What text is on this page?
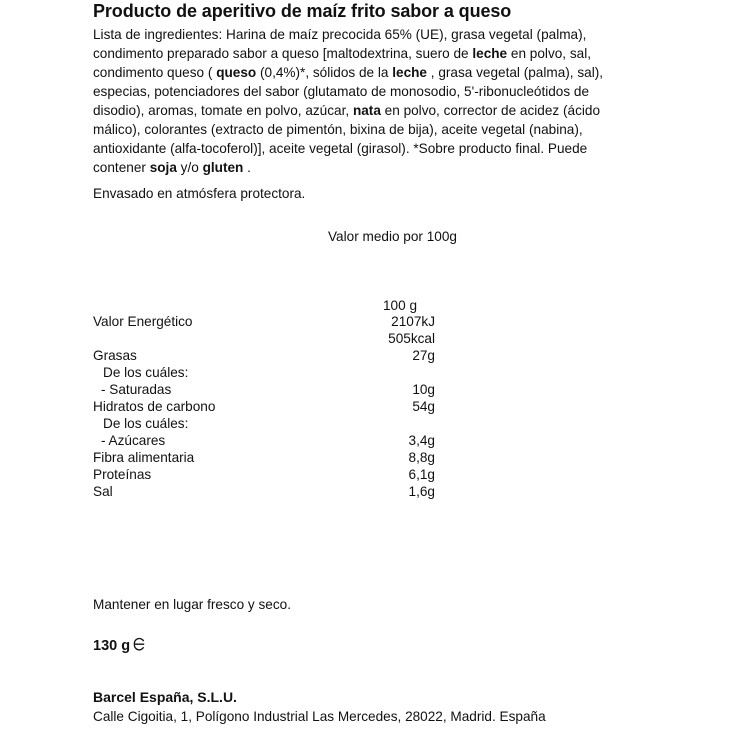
Producto de aperitivo de maíz frito sabor a queso
Lista de ingredientes: Harina de maíz precocida 65% (UE), grasa vegetal (palma), condimento preparado sabor a queso [maltodextrina, suero de leche en polvo, sal, condimento queso ( queso (0,4%)*, sólidos de la leche , grasa vegetal (palma), sal), especias, potenciadores del sabor (glutamato de monosodio, 5'-ribonucleótidos de disodio), aromas, tomate en polvo, azúcar, nata en polvo, corrector de acidez (ácido málico), colorantes (extracto de pimentón, bixina de bija), aceite vegetal (nabina), antioxidante (alfa-tocoferol)], aceite vegetal (girasol). *Sobre producto final. Puede contener soja y/o gluten .
Envasado en atmósfera protectora.
Valor medio por 100g
100 g
Valor Energético	2107kJ
505kcal
Grasas	27g
De los cuáles:
- Saturadas	10g
Hidratos de carbono	54g
De los cuáles:
- Azúcares	3,4g
Fibra alimentaria	8,8g
Proteínas	6,1g
Sal	1,6g
Mantener en lugar fresco y seco.
130 g
Barcel España, S.L.U.
Calle Cigoitia, 1, Polígono Industrial Las Mercedes, 28022, Madrid. España
